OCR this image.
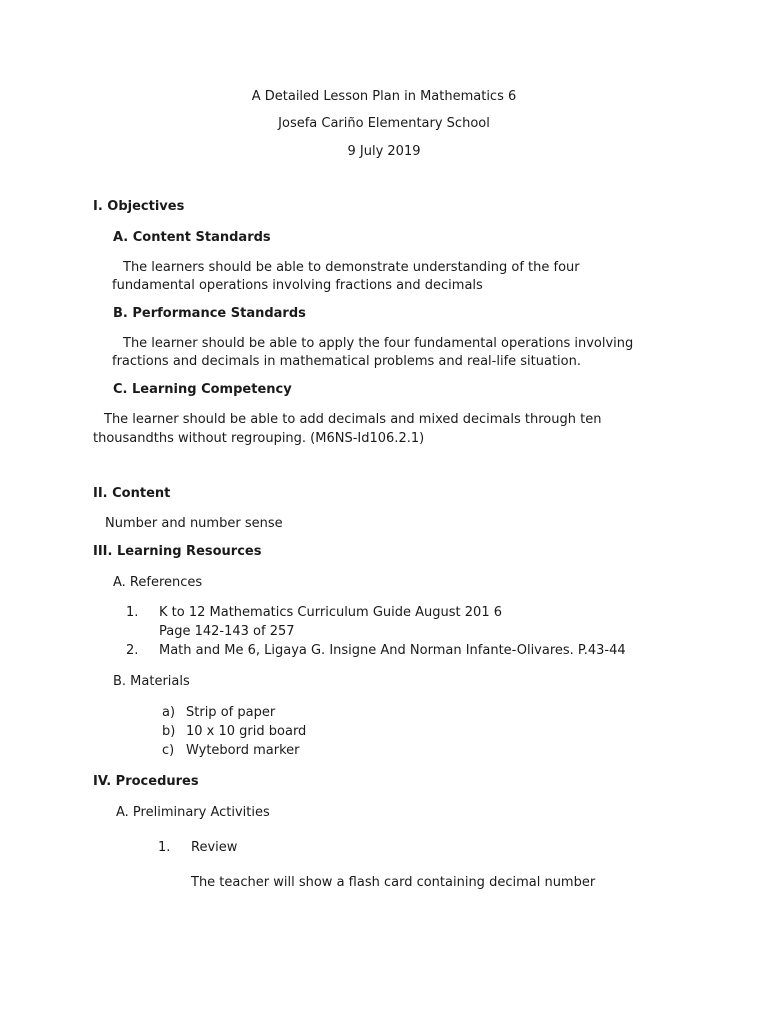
A Detailed Lesson Plan in Mathematics 6
Josefa Cariño Elementary School
9 July 2019
I. Objectives
A. Content Standards
The learners should be able to demonstrate understanding of the four
fundamental operations involving fractions and decimals
B. Performance Standards
The learner should be able to apply the four fundamental operations involving
fractions and decimals in mathematical problems and real-life situation.
C. Learning Competency
The learner should be able to add decimals and mixed decimals through ten
thousandths without regrouping. (M6NS-Id106.2.1)
II. Content
Number and number sense
III. Learning Resources
A. References
1. K to 12 Mathematics Curriculum Guide August 201 6
Page 142-143 of 257
2. Math and Me 6, Ligaya G. Insigne And Norman Infante-Olivares. P.43-44
B. Materials
a) Strip of paper
b) 10 x 10 grid board
c) Wytebord marker
IV. Procedures
A. Preliminary Activities
1. Review
The teacher will show a flash card containing decimal number
